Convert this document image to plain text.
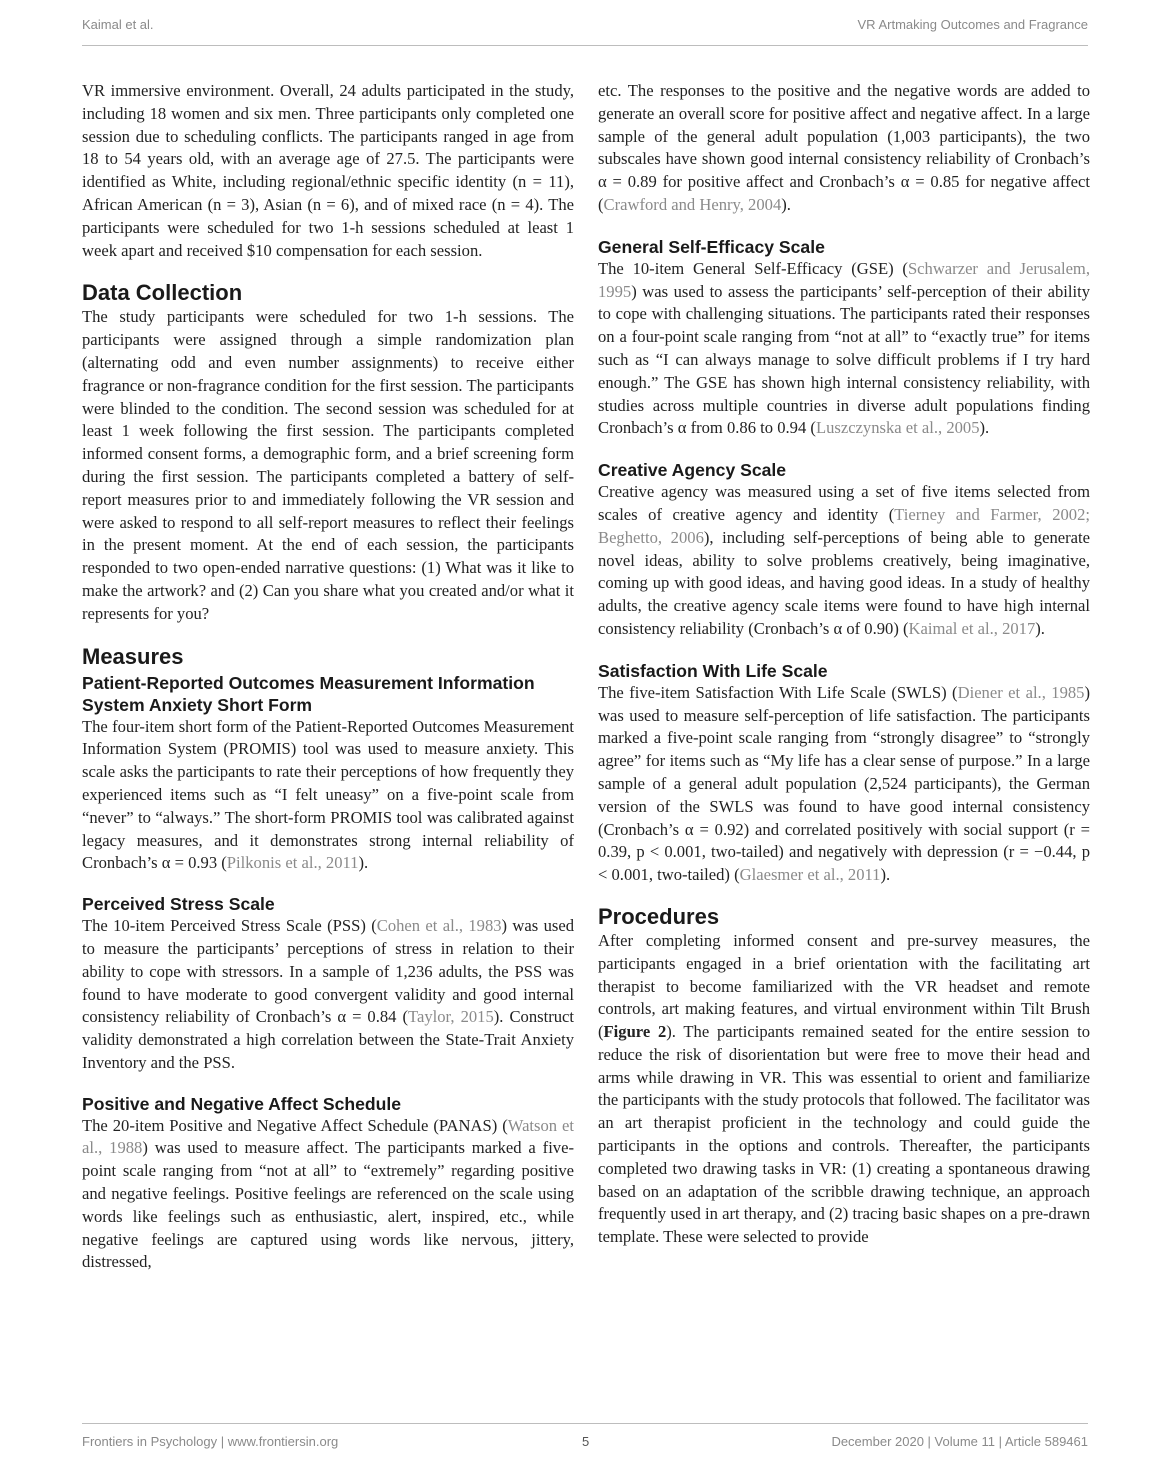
Kaimal et al.	VR Artmaking Outcomes and Fragrance

VR immersive environment. Overall, 24 adults participated in the study, including 18 women and six men. Three participants only completed one session due to scheduling conflicts. The participants ranged in age from 18 to 54 years old, with an average age of 27.5. The participants were identified as White, including regional/ethnic specific identity (n = 11), African American (n = 3), Asian (n = 6), and of mixed race (n = 4). The participants were scheduled for two 1-h sessions scheduled at least 1 week apart and received $10 compensation for each session.

Data Collection

The study participants were scheduled for two 1-h sessions. The participants were assigned through a simple randomization plan (alternating odd and even number assignments) to receive either fragrance or non-fragrance condition for the first session. The participants were blinded to the condition. The second session was scheduled for at least 1 week following the first session. The participants completed informed consent forms, a demographic form, and a brief screening form during the first session. The participants completed a battery of self-report measures prior to and immediately following the VR session and were asked to respond to all self-report measures to reflect their feelings in the present moment. At the end of each session, the participants responded to two open-ended narrative questions: (1) What was it like to make the artwork? and (2) Can you share what you created and/or what it represents for you?

Measures
Patient-Reported Outcomes Measurement Information System Anxiety Short Form

The four-item short form of the Patient-Reported Outcomes Measurement Information System (PROMIS) tool was used to measure anxiety. This scale asks the participants to rate their perceptions of how frequently they experienced items such as “I felt uneasy” on a five-point scale from “never” to “always.” The short-form PROMIS tool was calibrated against legacy measures, and it demonstrates strong internal reliability of Cronbach’s α = 0.93 (Pilkonis et al., 2011).

Perceived Stress Scale

The 10-item Perceived Stress Scale (PSS) (Cohen et al., 1983) was used to measure the participants’ perceptions of stress in relation to their ability to cope with stressors. In a sample of 1,236 adults, the PSS was found to have moderate to good convergent validity and good internal consistency reliability of Cronbach’s α = 0.84 (Taylor, 2015). Construct validity demonstrated a high correlation between the State-Trait Anxiety Inventory and the PSS.

Positive and Negative Affect Schedule

The 20-item Positive and Negative Affect Schedule (PANAS) (Watson et al., 1988) was used to measure affect. The participants marked a five-point scale ranging from “not at all” to “extremely” regarding positive and negative feelings. Positive feelings are referenced on the scale using words like feelings such as enthusiastic, alert, inspired, etc., while negative feelings are captured using words like nervous, jittery, distressed,

etc. The responses to the positive and the negative words are added to generate an overall score for positive affect and negative affect. In a large sample of the general adult population (1,003 participants), the two subscales have shown good internal consistency reliability of Cronbach’s α = 0.89 for positive affect and Cronbach’s α = 0.85 for negative affect (Crawford and Henry, 2004).

General Self-Efficacy Scale

The 10-item General Self-Efficacy (GSE) (Schwarzer and Jerusalem, 1995) was used to assess the participants’ self-perception of their ability to cope with challenging situations. The participants rated their responses on a four-point scale ranging from “not at all” to “exactly true” for items such as “I can always manage to solve difficult problems if I try hard enough.” The GSE has shown high internal consistency reliability, with studies across multiple countries in diverse adult populations finding Cronbach’s α from 0.86 to 0.94 (Luszczynska et al., 2005).

Creative Agency Scale

Creative agency was measured using a set of five items selected from scales of creative agency and identity (Tierney and Farmer, 2002; Beghetto, 2006), including self-perceptions of being able to generate novel ideas, ability to solve problems creatively, being imaginative, coming up with good ideas, and having good ideas. In a study of healthy adults, the creative agency scale items were found to have high internal consistency reliability (Cronbach’s α of 0.90) (Kaimal et al., 2017).

Satisfaction With Life Scale

The five-item Satisfaction With Life Scale (SWLS) (Diener et al., 1985) was used to measure self-perception of life satisfaction. The participants marked a five-point scale ranging from “strongly disagree” to “strongly agree” for items such as “My life has a clear sense of purpose.” In a large sample of a general adult population (2,524 participants), the German version of the SWLS was found to have good internal consistency (Cronbach’s α = 0.92) and correlated positively with social support (r = 0.39, p < 0.001, two-tailed) and negatively with depression (r = −0.44, p < 0.001, two-tailed) (Glaesmer et al., 2011).

Procedures

After completing informed consent and pre-survey measures, the participants engaged in a brief orientation with the facilitating art therapist to become familiarized with the VR headset and remote controls, art making features, and virtual environment within Tilt Brush (Figure 2). The participants remained seated for the entire session to reduce the risk of disorientation but were free to move their head and arms while drawing in VR. This was essential to orient and familiarize the participants with the study protocols that followed. The facilitator was an art therapist proficient in the technology and could guide the participants in the options and controls. Thereafter, the participants completed two drawing tasks in VR: (1) creating a spontaneous drawing based on an adaptation of the scribble drawing technique, an approach frequently used in art therapy, and (2) tracing basic shapes on a pre-drawn template. These were selected to provide

Frontiers in Psychology | www.frontiersin.org	5	December 2020 | Volume 11 | Article 589461
